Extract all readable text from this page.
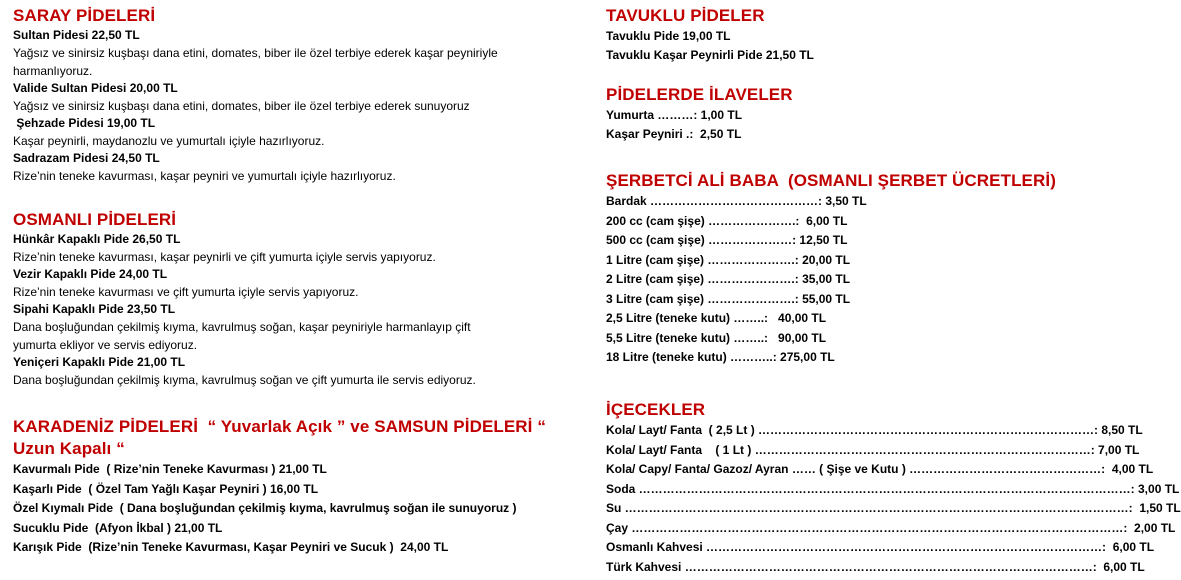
SARAY PİDELERİ
Sultan Pidesi 22,50 TL
Yağsız ve sinirsiz kuşbaşı dana etini, domates, biber ile özel terbiye ederek kaşar peyniriyle
harmanlıyoruz.
Valide Sultan Pidesi 20,00 TL
Yağsız ve sinirsiz kuşbaşı dana etini, domates, biber ile özel terbiye ederek sunuyoruz
Şehzade Pidesi 19,00 TL
Kaşar peynirli, maydanozlu ve yumurtalı içiyle hazırlıyoruz.
Sadrazam Pidesi 24,50 TL
Rize’nin teneke kavurması, kaşar peyniri ve yumurtalı içiyle hazırlıyoruz.
OSMANLI PİDELERİ
Hünkâr Kapaklı Pide 26,50 TL
Rize’nin teneke kavurması, kaşar peynirli ve çift yumurta içiyle servis yapıyoruz.
Vezir Kapaklı Pide 24,00 TL
Rize’nin teneke kavurması ve çift yumurta içiyle servis yapıyoruz.
Sipahi Kapaklı Pide 23,50 TL
Dana boşluğundan çekilmiş kıyma, kavrulmuş soğan, kaşar peyniriyle harmanlayıp çift
yumurta ekliyor ve servis ediyoruz.
Yeniçeri Kapaklı Pide 21,00 TL
Dana boşluğundan çekilmiş kıyma, kavrulmuş soğan ve çift yumurta ile servis ediyoruz.
KARADENİZ PİDELERİ  “ Yuvarlak Açık ” ve SAMSUN PİDELERİ “
Uzun Kapalı “
Kavurmalı Pide  ( Rize’nin Teneke Kavurması ) 21,00 TL
Kaşarlı Pide  ( Özel Tam Yağlı Kaşar Peyniri ) 16,00 TL
Özel Kıymalı Pide  ( Dana boşluğundan çekilmiş kıyma, kavrulmuş soğan ile sunuyoruz )
Sucuklu Pide  (Afyon İkbal ) 21,00 TL
Karışık Pide  (Rize’nin Teneke Kavurması, Kaşar Peyniri ve Sucuk )  24,00 TL
TAVUKLU PİDELER
Tavuklu Pide 19,00 TL
Tavuklu Kaşar Peynirli Pide 21,50 TL
PİDELERDE İLAVELER
Yumurta ………: 1,00 TL
Kaşar Peyniri .:  2,50 TL
ŞERBETCİ ALİ BABA  (OSMANLI ŞERBET ÜCRETLERİ)
Bardak ……………………………………: 3,50 TL
200 cc (cam şişe) ………………….: 6,00 TL
500 cc (cam şişe) …………………: 12,50 TL
1 Litre (cam şişe) ………………….: 20,00 TL
2 Litre (cam şişe) ………………….: 35,00 TL
3 Litre (cam şişe) ………………….: 55,00 TL
2,5 Litre (teneke kutu) ……..: 40,00 TL
5,5 Litre (teneke kutu) ……..: 90,00 TL
18 Litre (teneke kutu) ………..: 275,00 TL
İÇECEKLER
Kola/ Layt/ Fanta  ( 2,5 Lt ) …………………………………………………………………………: 8,50 TL
Kola/ Layt/ Fanta    ( 1 Lt ) …………………………………………………………………………: 7,00 TL
Kola/ Capy/ Fanta/ Gazoz/ Ayran …… ( Şişe ve Kutu ) …………………………………………: 4,00 TL
Soda ……………………………………………………………………………………………………………: 3,00 TL
Su ………………………………………………………………………………………………………………: 1,50 TL
Çay ……………………………………………………………………………………………………………: 2,00 TL
Osmanlı Kahvesi ………………………………………………………………………………………: 6,00 TL
Türk Kahvesi …………………………………………………………………………………………: 6,00 TL
